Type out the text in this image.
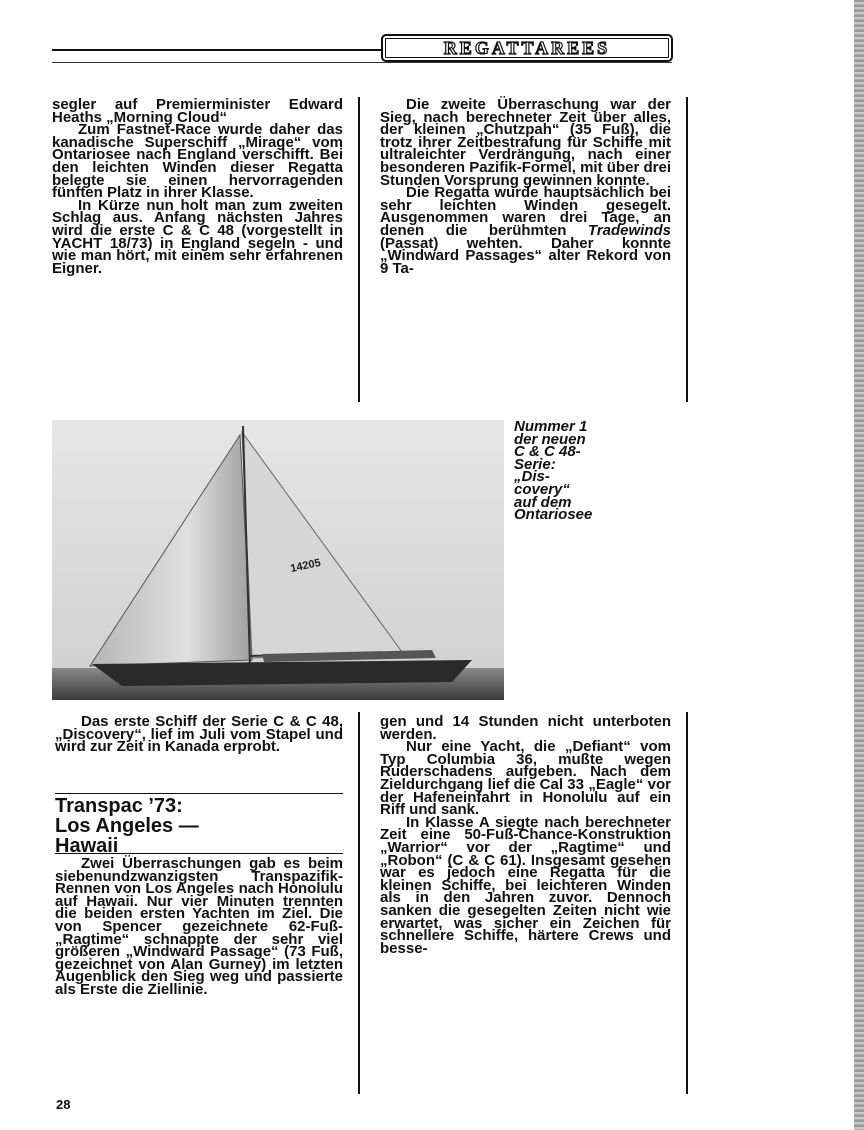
REGATTAREES

segler auf Premierminister Edward Heaths „Morning Cloud“

Zum Fastnet-Race wurde daher das kanadische Superschiff „Mirage“ vom Ontariosee nach England verschifft. Bei den leichten Winden dieser Regatta belegte sie einen hervorragenden fünften Platz in ihrer Klasse.

In Kürze nun holt man zum zweiten Schlag aus. Anfang nächsten Jahres wird die erste C & C 48 (vorgestellt in YACHT 18/73) in England segeln - und wie man hört, mit einem sehr erfahrenen Eigner.

Die zweite Überraschung war der Sieg, nach berechneter Zeit über alles, der kleinen „Chutzpah“ (35 Fuß), die trotz ihrer Zeitbestrafung für Schiffe mit ultraleichter Verdrängung, nach einer besonderen Pazifik-Formel, mit über drei Stunden Vorsprung gewinnen konnte.

Die Regatta wurde hauptsächlich bei sehr leichten Winden gesegelt. Ausgenommen waren drei Tage, an denen die berühmten Tradewinds (Passat) wehten. Daher konnte „Windward Passages“ alter Rekord von 9 Ta-

14205
Nummer 1
der neuen
C & C 48-
Serie:
„Dis-
covery“
auf dem
Ontariosee

Das erste Schiff der Serie C & C 48, „Discovery“, lief im Juli vom Stapel und wird zur Zeit in Kanada erprobt.

Transpac ’73:
Los Angeles —
Hawaii

Zwei Überraschungen gab es beim siebenundzwanzigsten Transpazifik-Rennen von Los Angeles nach Honolulu auf Hawaii. Nur vier Minuten trennten die beiden ersten Yachten im Ziel. Die von Spencer gezeichnete 62-Fuß-„Ragtime“ schnappte der sehr viel größeren „Windward Passage“ (73 Fuß, gezeichnet von Alan Gurney) im letzten Augenblick den Sieg weg und passierte als Erste die Ziellinie.

gen und 14 Stunden nicht unterboten werden.

Nur eine Yacht, die „Defiant“ vom Typ Columbia 36, mußte wegen Ruderschadens aufgeben. Nach dem Zieldurchgang lief die Cal 33 „Eagle“ vor der Hafeneinfahrt in Honolulu auf ein Riff und sank.

In Klasse A siegte nach berechneter Zeit eine 50-Fuß-Chance-Konstruktion „Warrior“ vor der „Ragtime“ und „Robon“ (C & C 61). Insgesamt gesehen war es jedoch eine Regatta für die kleinen Schiffe, bei leichteren Winden als in den Jahren zuvor. Dennoch sanken die gesegelten Zeiten nicht wie erwartet, was sicher ein Zeichen für schnellere Schiffe, härtere Crews und besse-

28
